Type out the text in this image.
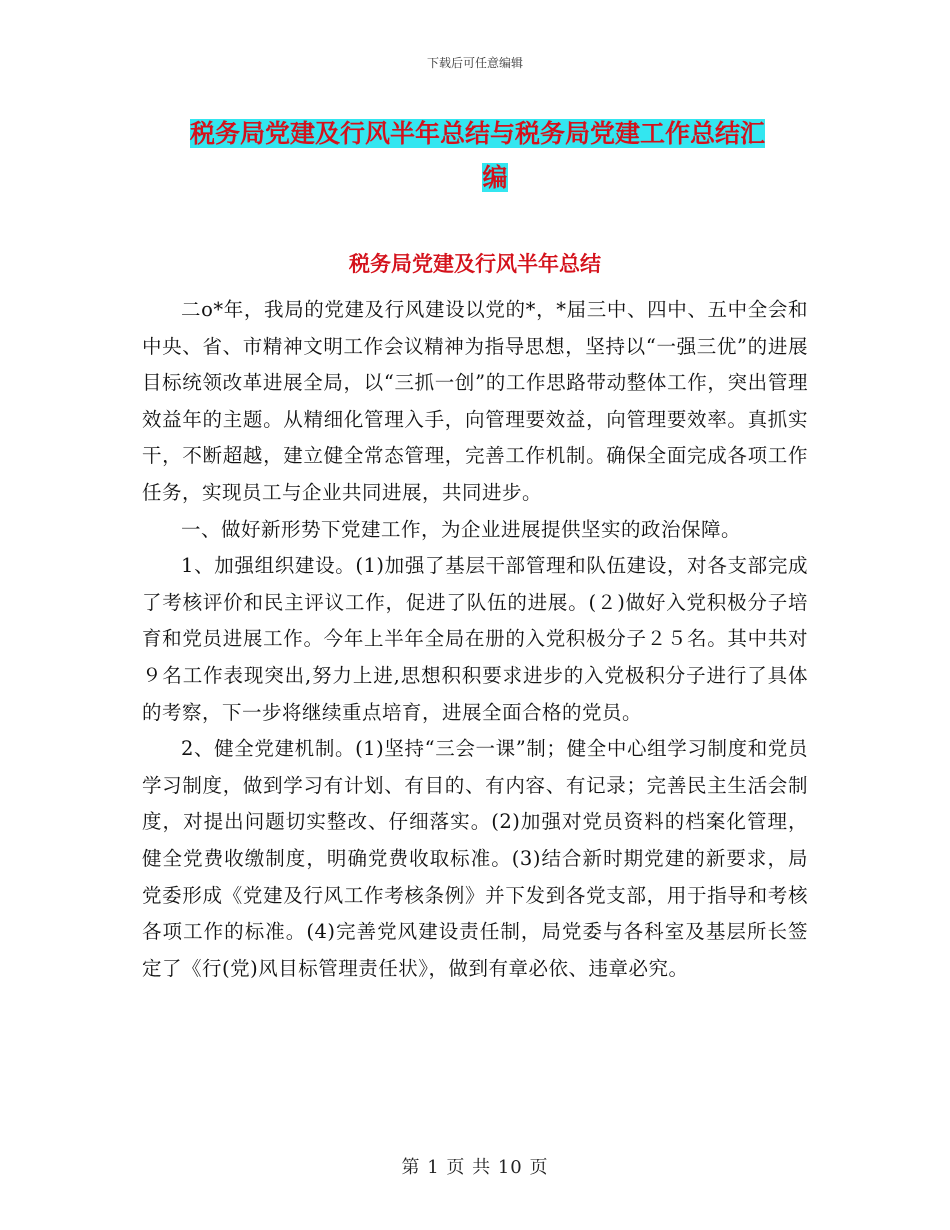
下载后可任意编辑
税务局党建及行风半年总结与税务局党建工作总结汇
编
税务局党建及行风半年总结

二o*年，我局的党建及行风建设以党的*，*届三中、四中、五中全会和中央、省、市精神文明工作会议精神为指导思想，坚持以“一强三优”的进展目标统领改革进展全局，以“三抓一创”的工作思路带动整体工作，突出管理效益年的主题。从精细化管理入手，向管理要效益，向管理要效率。真抓实干，不断超越，建立健全常态管理，完善工作机制。确保全面完成各项工作任务，实现员工与企业共同进展，共同进步。

一、做好新形势下党建工作，为企业进展提供坚实的政治保障。

1、加强组织建设。(1)加强了基层干部管理和队伍建设，对各支部完成了考核评价和民主评议工作，促进了队伍的进展。(２)做好入党积极分子培育和党员进展工作。今年上半年全局在册的入党积极分子２５名。其中共对９名工作表现突出,努力上进,思想积积要求进步的入党极积分子进行了具体的考察，下一步将继续重点培育，进展全面合格的党员。

2、健全党建机制。(1)坚持“三会一课”制；健全中心组学习制度和党员学习制度，做到学习有计划、有目的、有内容、有记录；完善民主生活会制度，对提出问题切实整改、仔细落实。(2)加强对党员资料的档案化管理，健全党费收缴制度，明确党费收取标准。(3)结合新时期党建的新要求，局党委形成《党建及行风工作考核条例》并下发到各党支部，用于指导和考核各项工作的标准。(4)完善党风建设责任制，局党委与各科室及基层所长签定了《行(党)风目标管理责任状》，做到有章必依、违章必究。

第 1 页 共 10 页
